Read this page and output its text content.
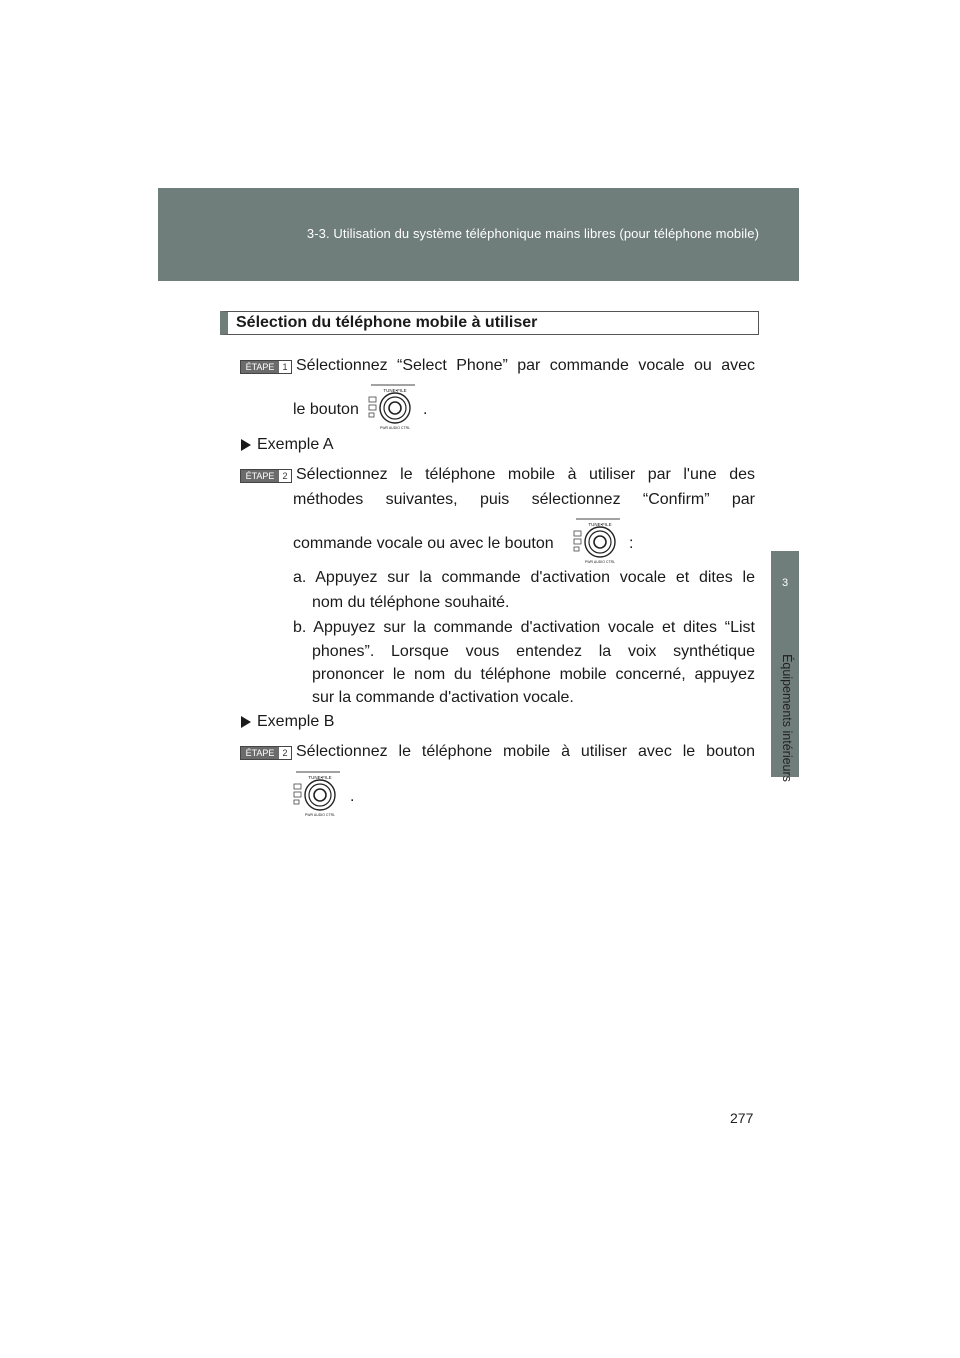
3-3. Utilisation du système téléphonique mains libres (pour téléphone mobile)
3
Équipements intérieurs
Sélection du téléphone mobile à utiliser
ÉTAPE 1 Sélectionnez “Select Phone” par commande vocale ou avec
le bouton
TUNE•FILE
PWR AUDIO CTRL
.
Exemple A
ÉTAPE 2 Sélectionnez le téléphone mobile à utiliser par l'une des
méthodes suivantes, puis sélectionnez “Confirm” par
commande vocale ou avec le bouton
TUNE•FILE
PWR AUDIO CTRL
:
a. Appuyez sur la commande d'activation vocale et dites le
nom du téléphone souhaité.
b. Appuyez sur la commande d'activation vocale et dites “List
phones”. Lorsque vous entendez la voix synthétique
prononcer le nom du téléphone mobile concerné, appuyez
sur la commande d'activation vocale.
Exemple B
ÉTAPE 2 Sélectionnez le téléphone mobile à utiliser avec le bouton
TUNE•FILE
PWR AUDIO CTRL
.
277
